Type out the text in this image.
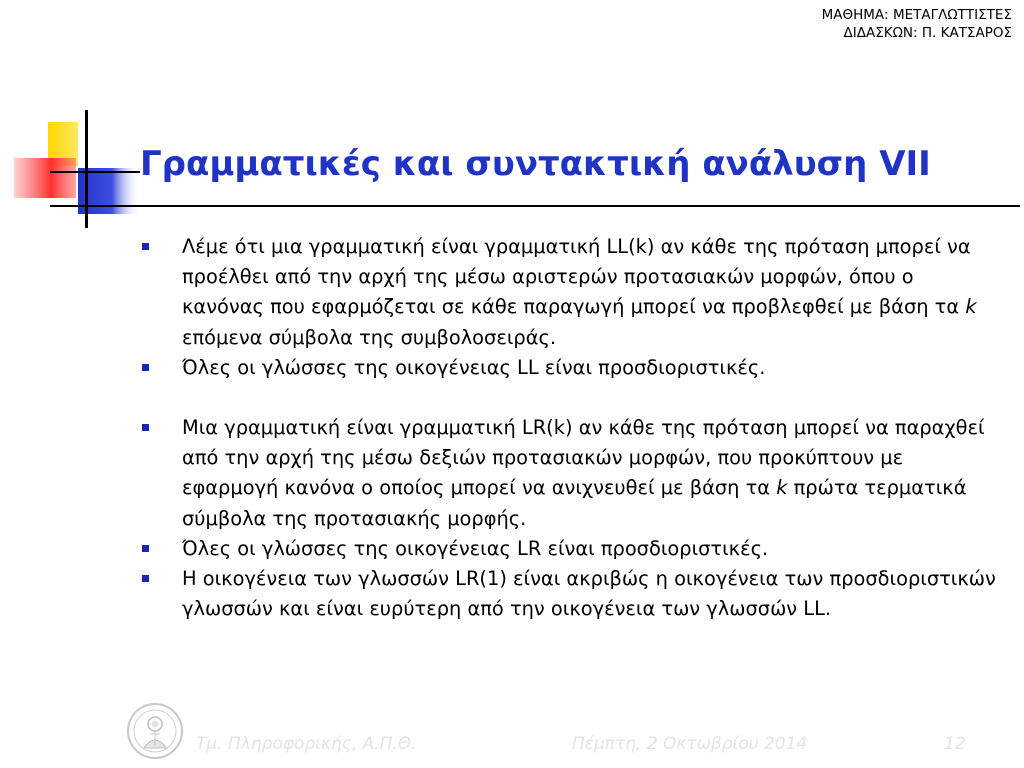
ΜΑΘΗΜΑ: ΜΕΤΑΓΛΩΤΤΙΣΤΕΣ
ΔΙΔΑΣΚΩΝ: Π. ΚΑΤΣΑΡΟΣ
Γραμματικές και συντακτική ανάλυση VII
Λέμε ότι μια γραμματική είναι γραμματική LL(k) αν κάθε της πρόταση μπορεί να προέλθει από την αρχή της μέσω αριστερών προτασιακών μορφών, όπου ο κανόνας που εφαρμόζεται σε κάθε παραγωγή μπορεί να προβλεφθεί με βάση τα k επόμενα σύμβολα της συμβολοσειράς.
Όλες οι γλώσσες της οικογένειας LL είναι προσδιοριστικές.
Μια γραμματική είναι γραμματική LR(k) αν κάθε της πρόταση μπορεί να παραχθεί από την αρχή της μέσω δεξιών προτασιακών μορφών, που προκύπτουν με εφαρμογή κανόνα ο οποίος μπορεί να ανιχνευθεί με βάση τα k πρώτα τερματικά σύμβολα της προτασιακής μορφής.
Όλες οι γλώσσες της οικογένειας LR είναι προσδιοριστικές.
Η οικογένεια των γλωσσών LR(1) είναι ακριβώς η οικογένεια των προσδιοριστικών γλωσσών και είναι ευρύτερη από την οικογένεια των γλωσσών LL.
Τμ. Πληροφορικής, Α.Π.Θ.	Πέμπτη, 2 Οκτωβρίου 2014	12
